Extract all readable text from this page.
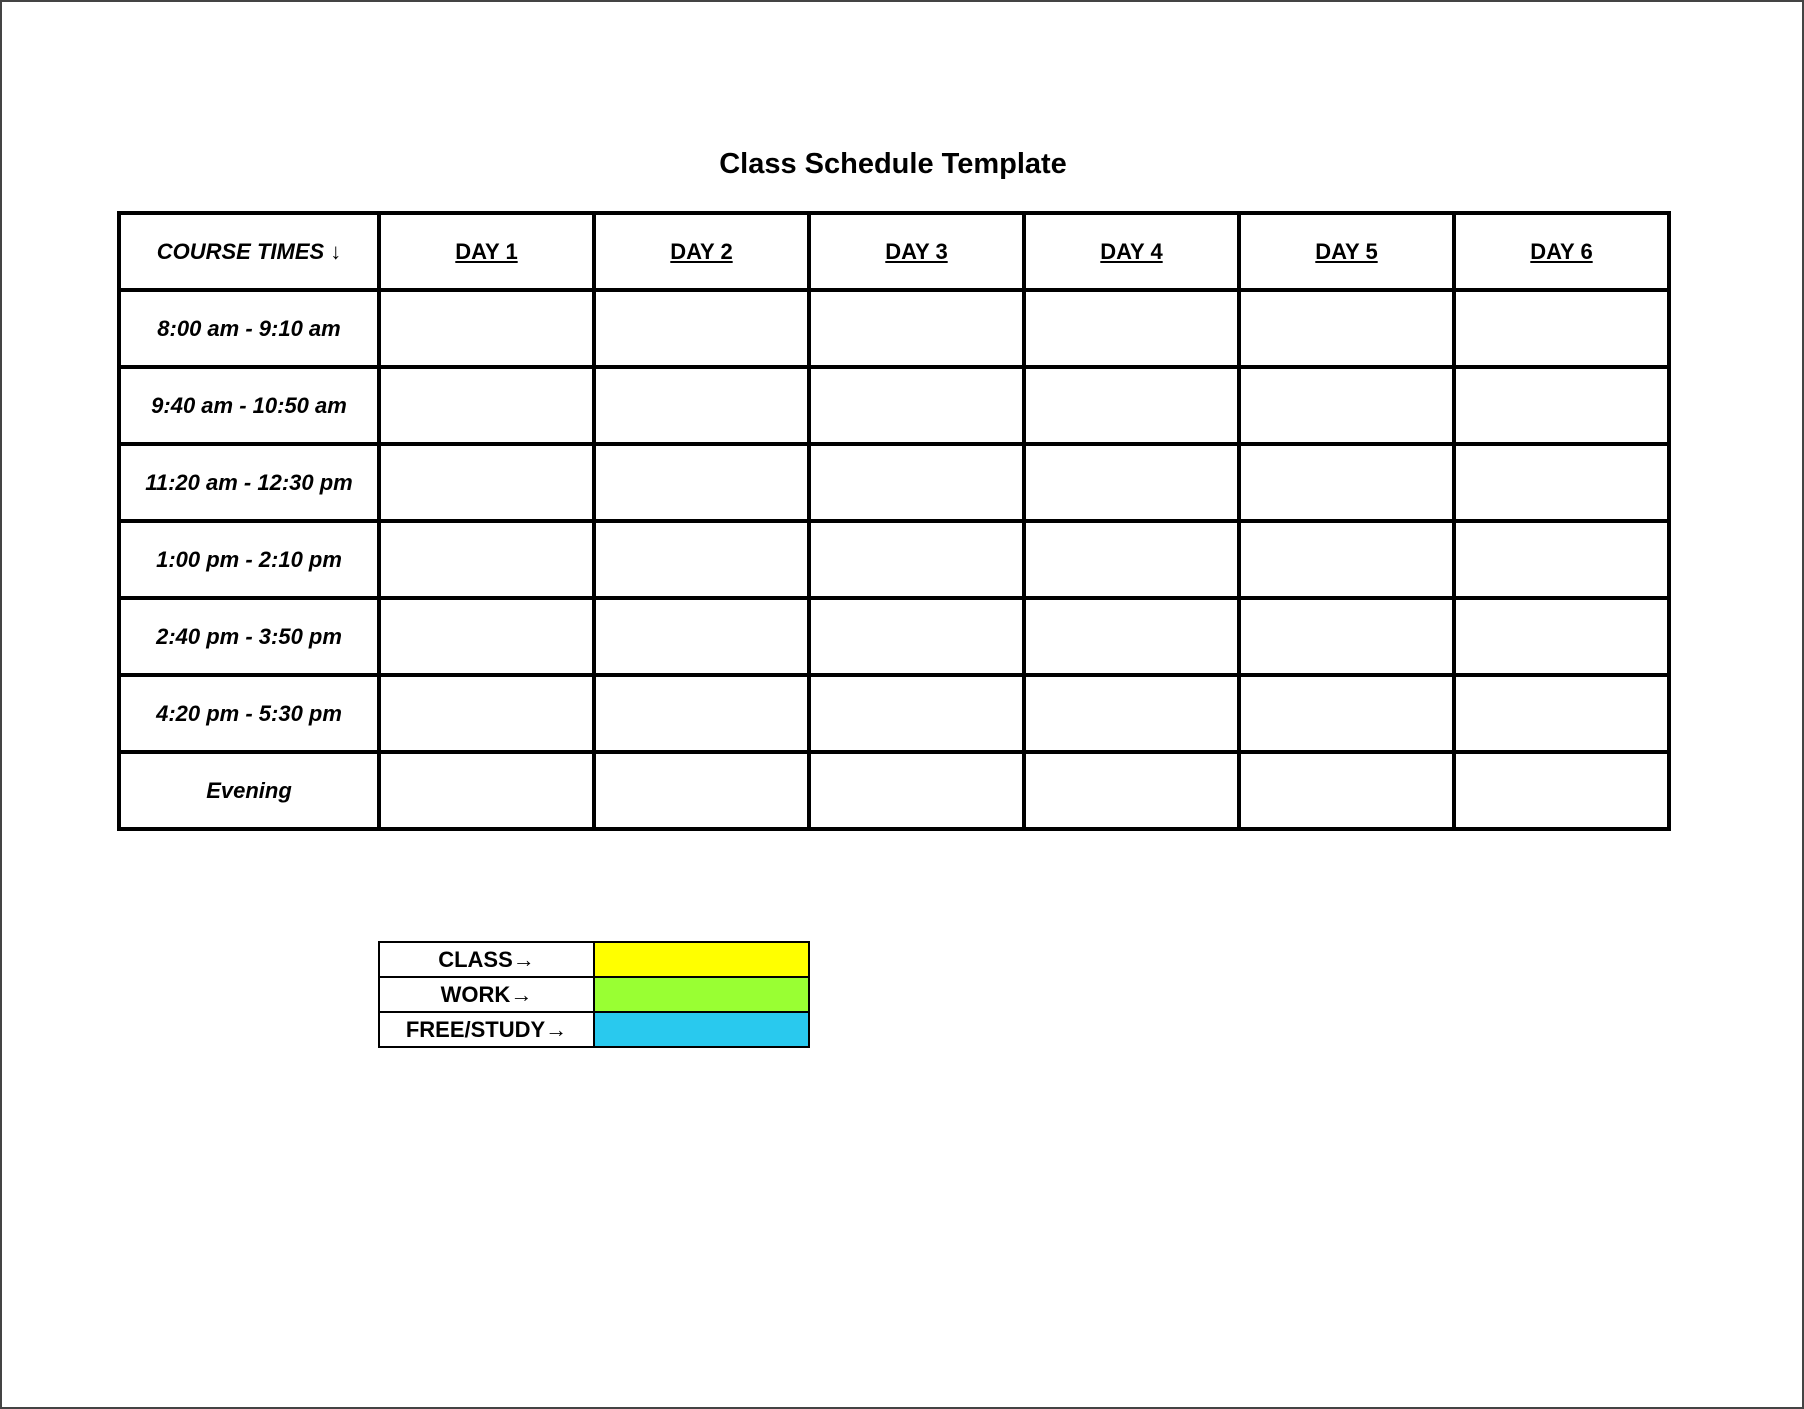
Class Schedule Template
COURSE TIMES ↓	DAY 1	DAY 2	DAY 3	DAY 4	DAY 5	DAY 6
8:00 am - 9:10 am						
9:40 am - 10:50 am						
11:20 am - 12:30 pm						
1:00 pm - 2:10 pm						
2:40 pm - 3:50 pm						
4:20 pm - 5:30 pm						
Evening						
CLASS→	
WORK→	
FREE/STUDY→	
